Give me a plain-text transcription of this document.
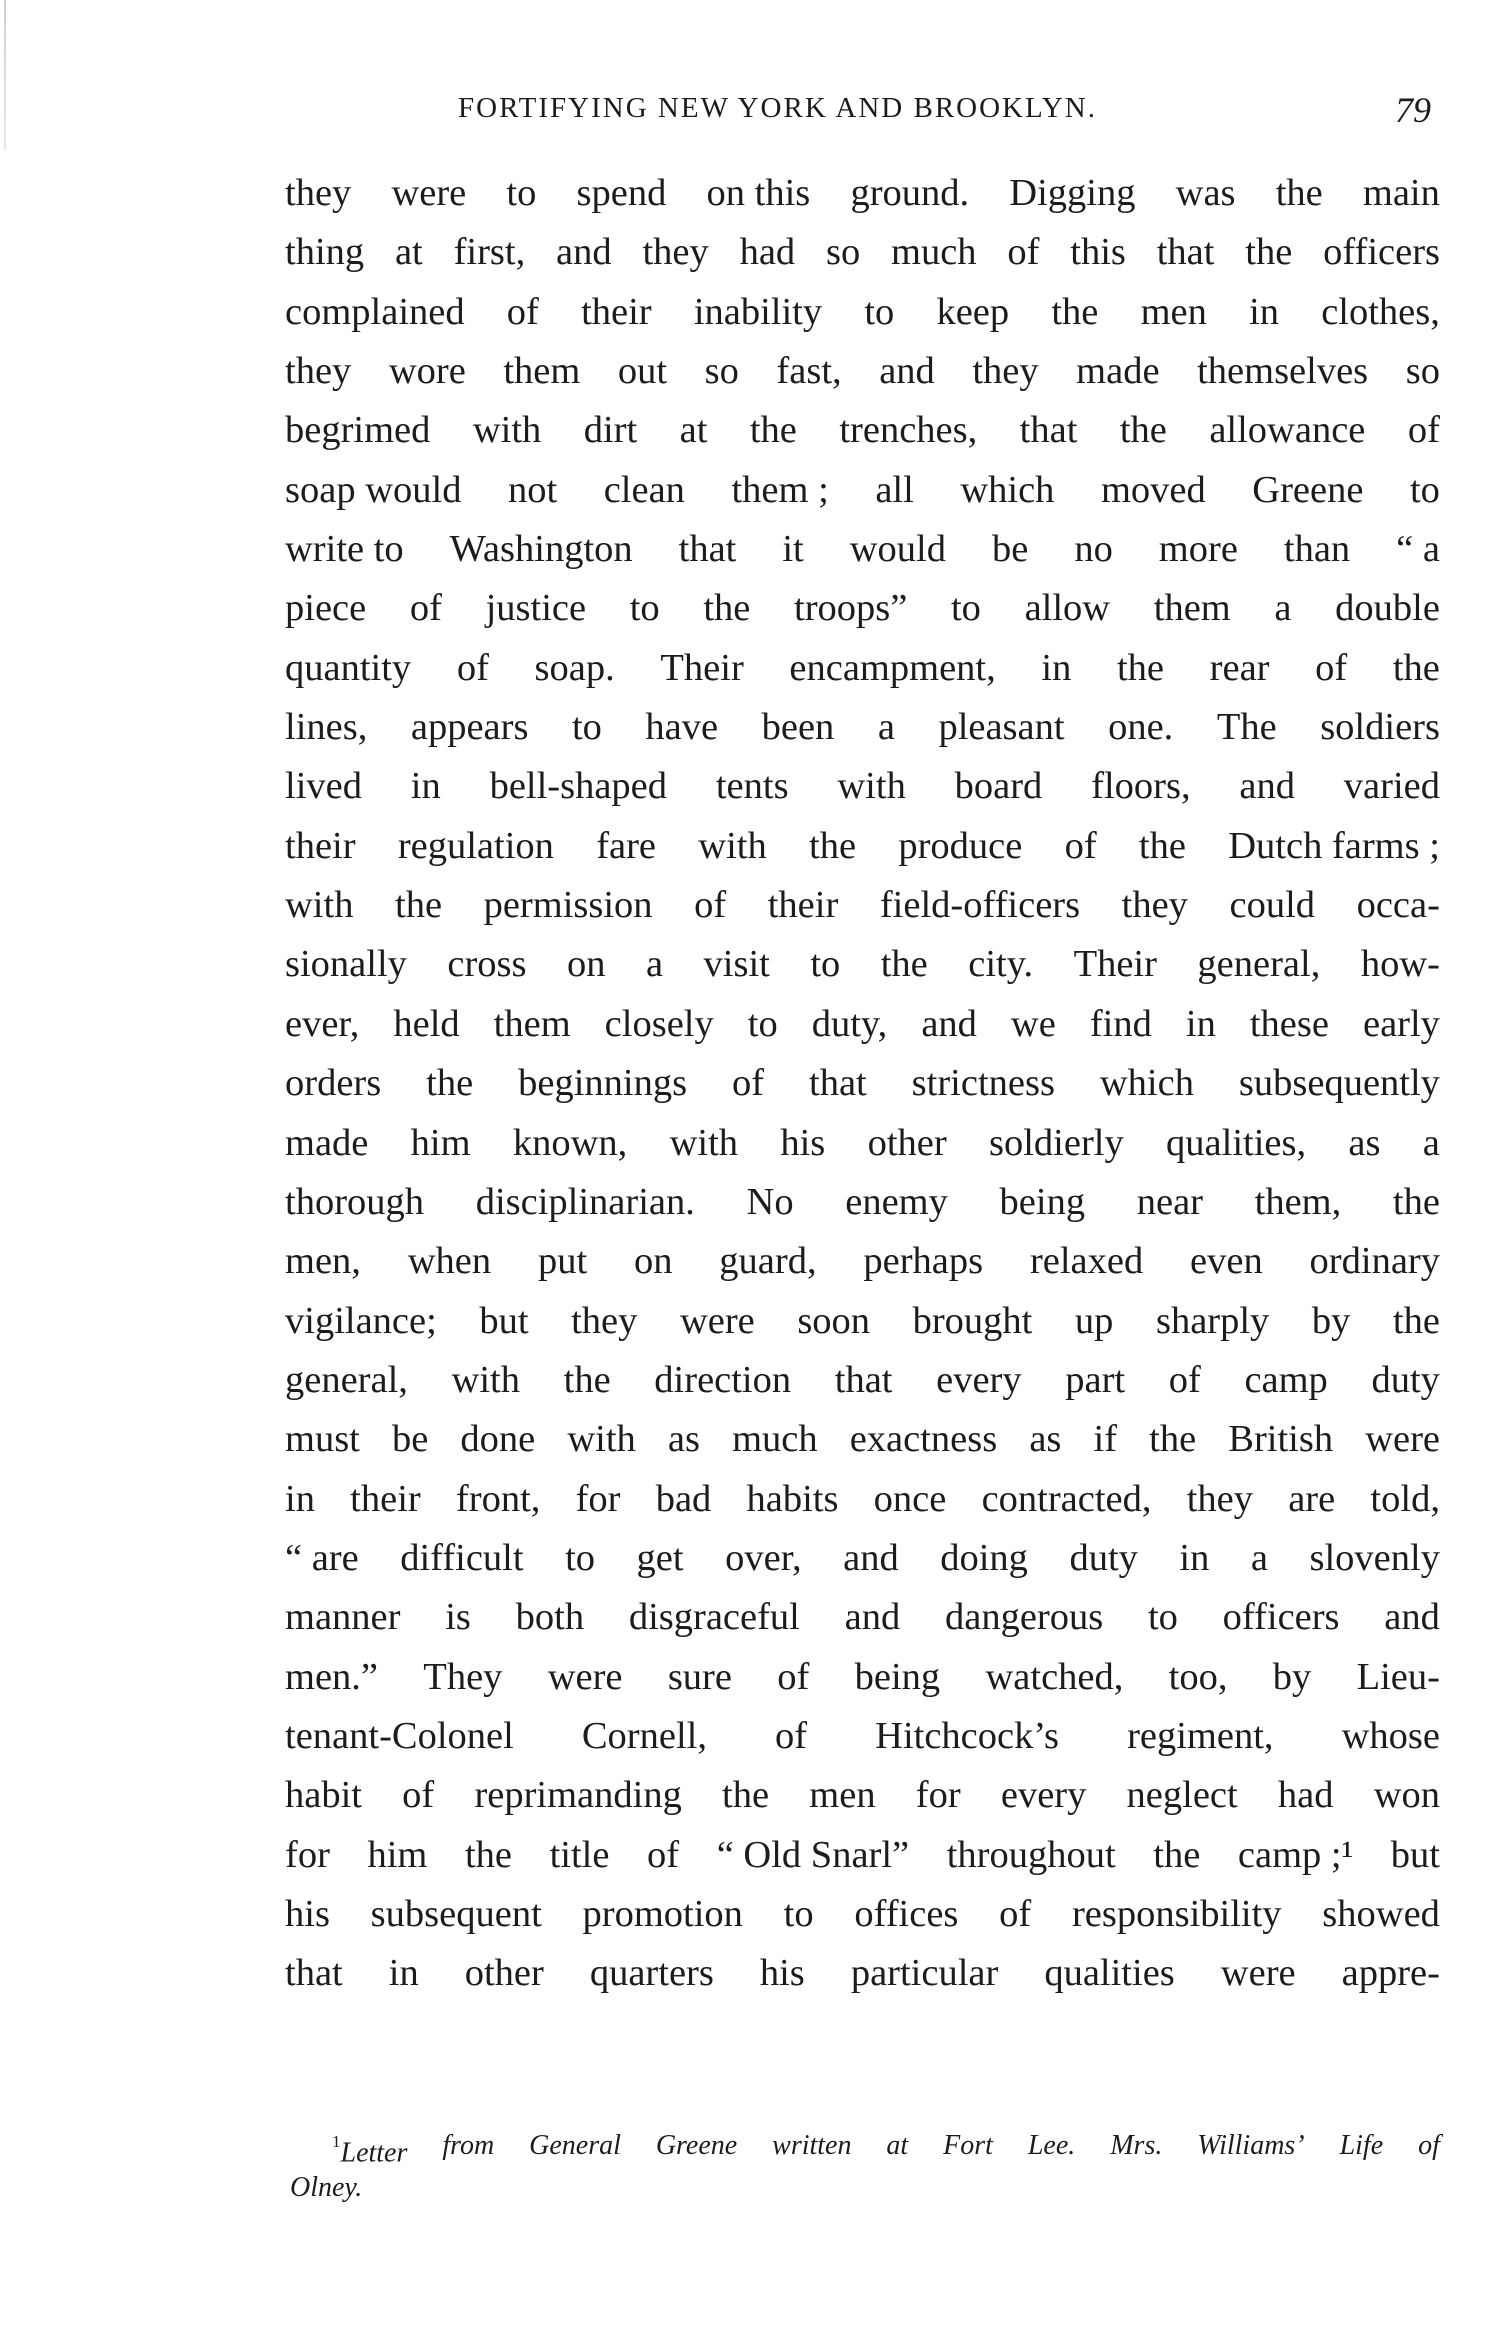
FORTIFYING NEW YORK AND BROOKLYN.	79
they were to spend on this ground. Digging was the main
thing at first, and they had so much of this that the officers
complained of their inability to keep the men in clothes,
they wore them out so fast, and they made themselves so
begrimed with dirt at the trenches, that the allowance of
soap would not clean them ; all which moved Greene to
write to Washington that it would be no more than “ a
piece of justice to the troops” to allow them a double
quantity of soap. Their encampment, in the rear of the
lines, appears to have been a pleasant one. The soldiers
lived in bell-shaped tents with board floors, and varied
their regulation fare with the produce of the Dutch farms ;
with the permission of their field-officers they could occa-
sionally cross on a visit to the city. Their general, how-
ever, held them closely to duty, and we find in these early
orders the beginnings of that strictness which subsequently
made him known, with his other soldierly qualities, as a
thorough disciplinarian. No enemy being near them, the
men, when put on guard, perhaps relaxed even ordinary
vigilance; but they were soon brought up sharply by the
general, with the direction that every part of camp duty
must be done with as much exactness as if the British were
in their front, for bad habits once contracted, they are told,
“ are difficult to get over, and doing duty in a slovenly
manner is both disgraceful and dangerous to officers and
men.” They were sure of being watched, too, by Lieu-
tenant-Colonel Cornell, of Hitchcock’s regiment, whose
habit of reprimanding the men for every neglect had won
for him the title of “ Old Snarl” throughout the camp ;¹ but
his subsequent promotion to offices of responsibility showed
that in other quarters his particular qualities were appre-
$^1$Letter from General Greene written at Fort Lee. Mrs. Williams’ Life of
Olney.
